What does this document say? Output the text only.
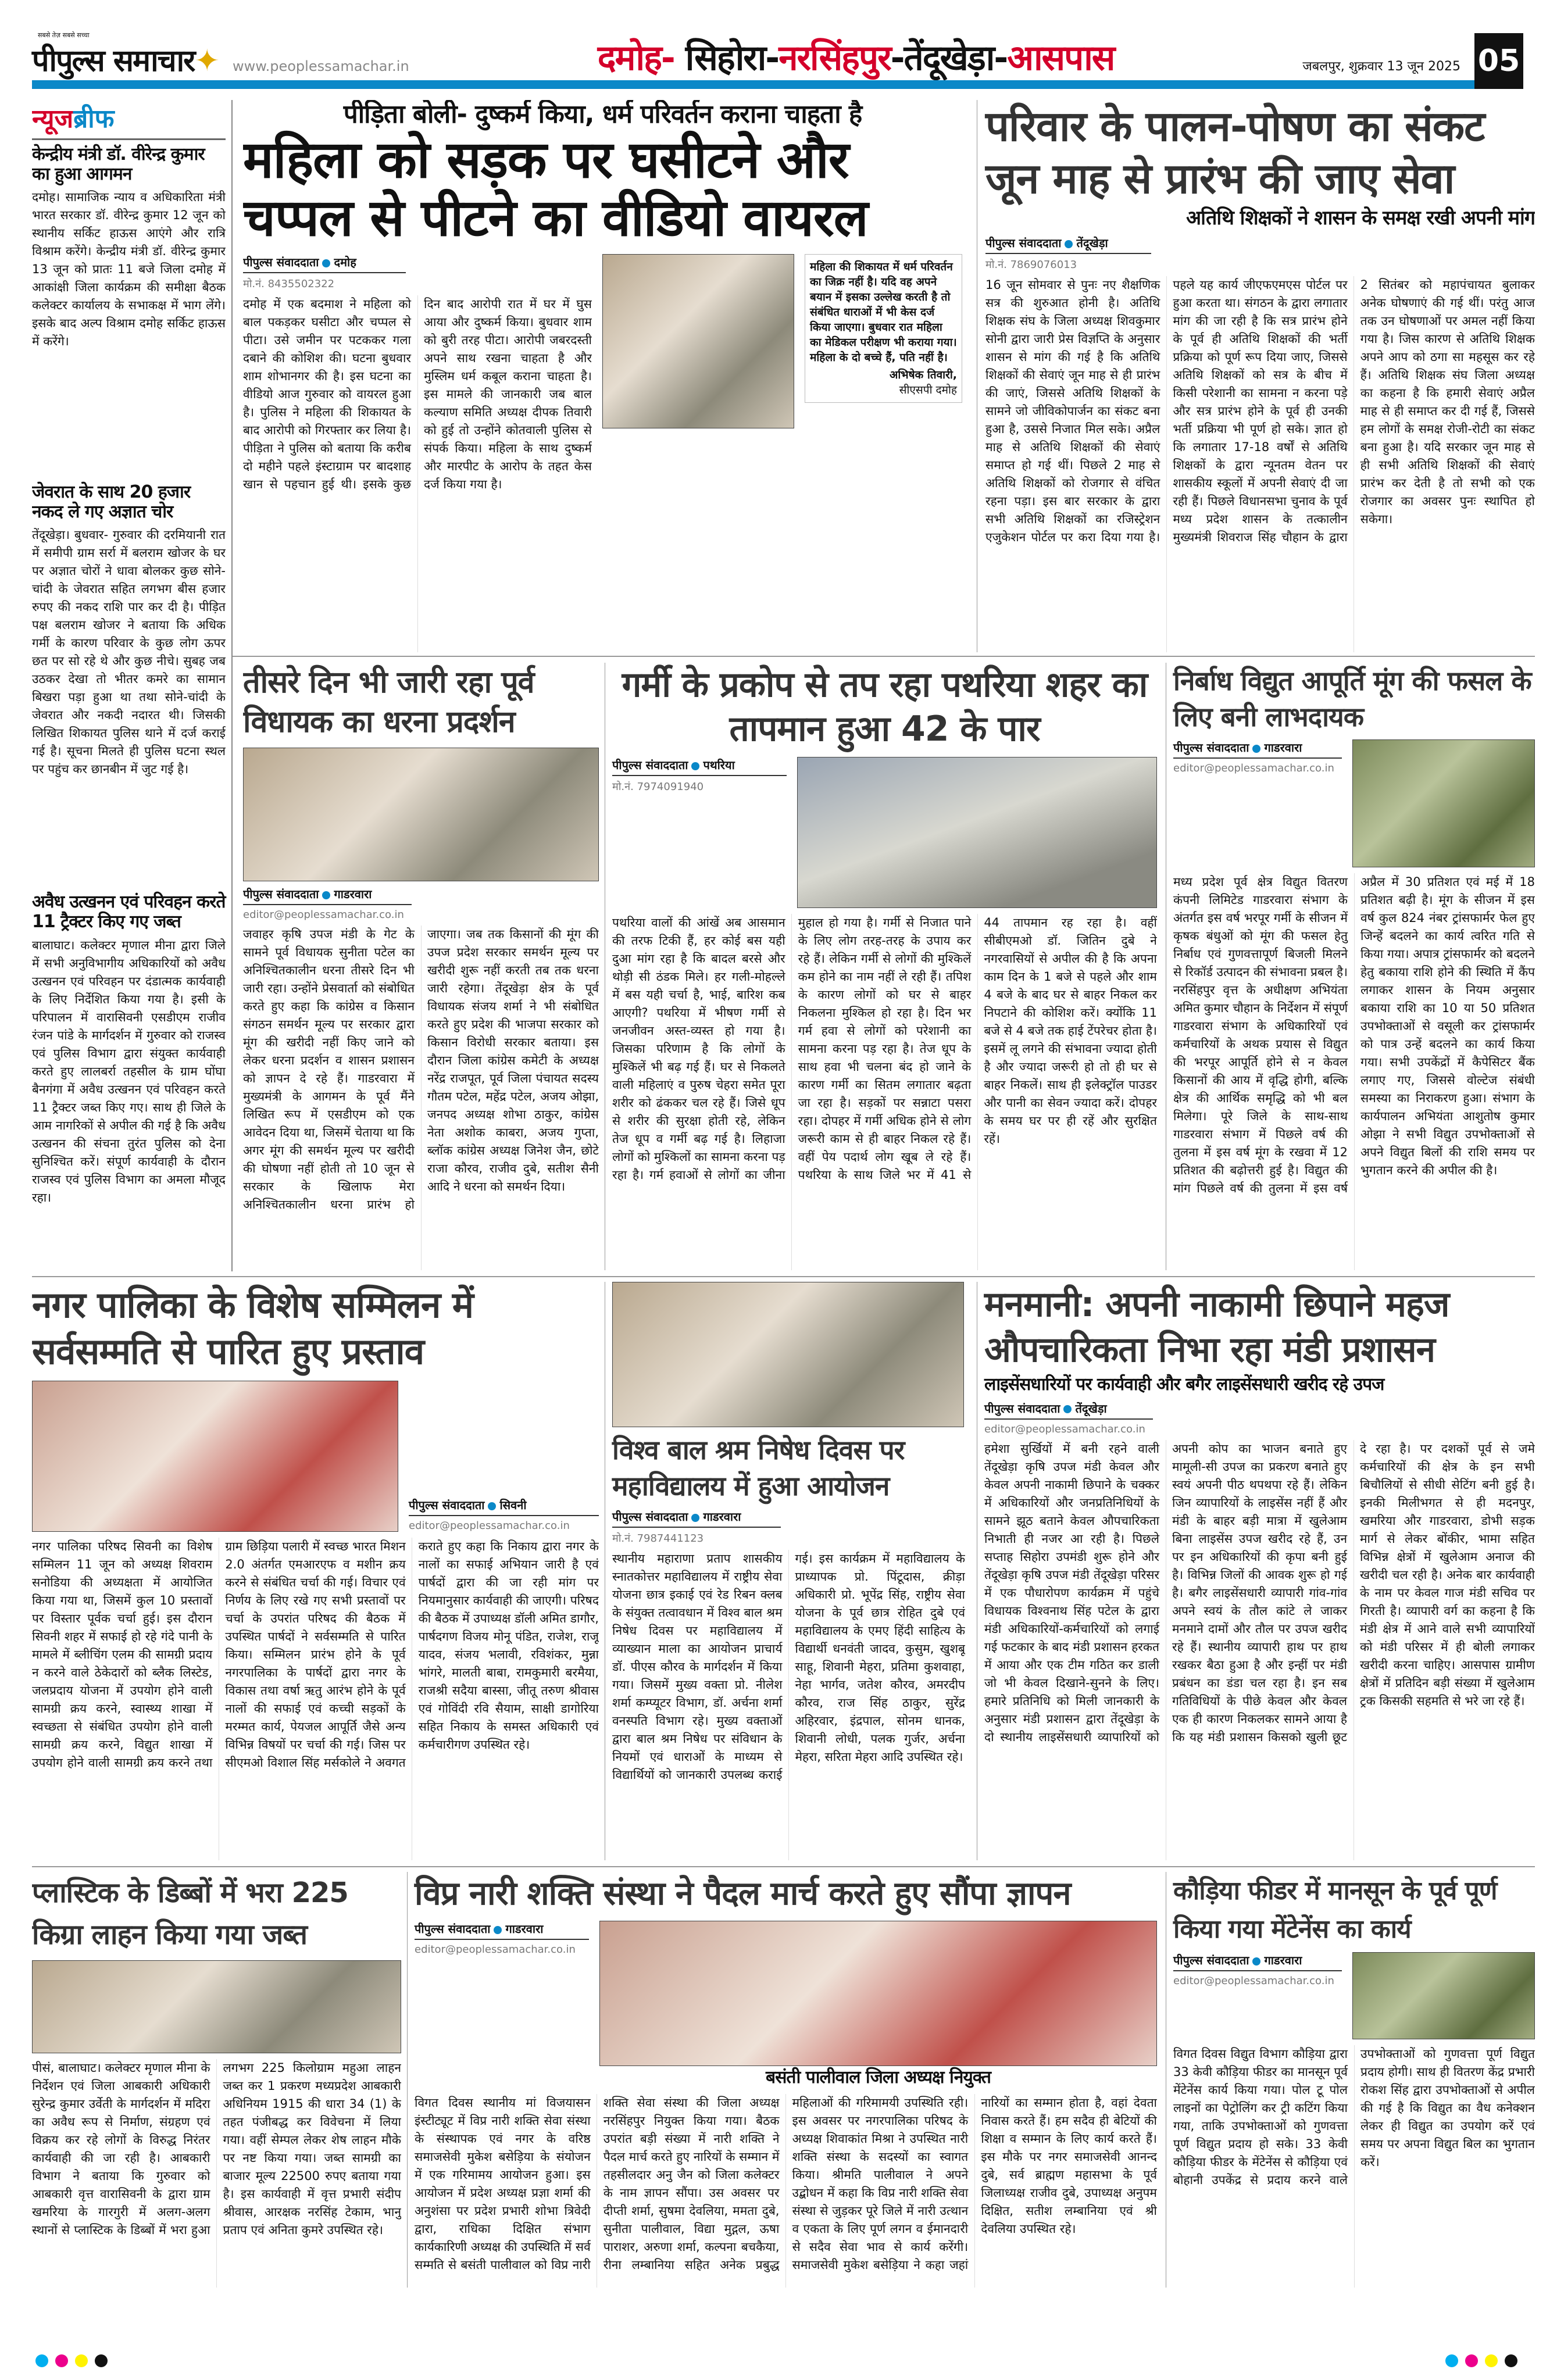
सबसे तेज़ सबसे सच्चा
पीपुल्स समाचार✦ www.peoplessamachar.in	दमोह- सिहोरा-नरसिंहपुर-तेंदूखेड़ा-आसपास	जबलपुर, शुक्रवार 13 जून 2025 05
न्यूजब्रीफ
केन्द्रीय मंत्री डॉ. वीरेन्द्र कुमार का हुआ आगमन
दमोह। सामाजिक न्याय व अधिकारिता मंत्री भारत सरकार डॉ. वीरेन्द्र कुमार 12 जून को स्थानीय सर्किट हाऊस आएंगे और रात्रि विश्राम करेंगे। केन्द्रीय मंत्री डॉ. वीरेन्द्र कुमार 13 जून को प्रातः 11 बजे जिला दमोह में आकांक्षी जिला कार्यक्रम की समीक्षा बैठक कलेक्टर कार्यालय के सभाकक्ष में भाग लेंगे। इसके बाद अल्प विश्राम दमोह सर्किट हाऊस में करेंगे।
जेवरात के साथ 20 हजार नकद ले गए अज्ञात चोर
तेंदूखेड़ा। बुधवार- गुरुवार की दरमियानी रात में समीपी ग्राम सर्रा में बलराम खोजर के घर पर अज्ञात चोरों ने धावा बोलकर कुछ सोने-चांदी के जेवरात सहित लगभग बीस हजार रुपए की नकद राशि पार कर दी है। पीड़ित पक्ष बलराम खोजर ने बताया कि अधिक गर्मी के कारण परिवार के कुछ लोग ऊपर छत पर सो रहे थे और कुछ नीचे। सुबह जब उठकर देखा तो भीतर कमरे का सामान बिखरा पड़ा हुआ था तथा सोने-चांदी के जेवरात और नकदी नदारत थी। जिसकी लिखित शिकायत पुलिस थाने में दर्ज कराई गई है। सूचना मिलते ही पुलिस घटना स्थल पर पहुंच कर छानबीन में जुट गई है।
अवैध उत्खनन एवं परिवहन करते 11 ट्रैक्टर किए गए जब्त
बालाघाट। कलेक्टर मृणाल मीना द्वारा जिले में सभी अनुविभागीय अधिकारियों को अवैध उत्खनन एवं परिवहन पर दंडात्मक कार्यवाही के लिए निर्देशित किया गया है। इसी के परिपालन में वारासिवनी एसडीएम राजीव रंजन पांडे के मार्गदर्शन में गुरुवार को राजस्व एवं पुलिस विभाग द्वारा संयुक्त कार्यवाही करते हुए लालबर्रा तहसील के ग्राम घोंघा बैनगंगा में अवैध उत्खनन एवं परिवहन करते 11 ट्रैक्टर जब्त किए गए। साथ ही जिले के आम नागरिकों से अपील की गई है कि अवैध उत्खनन की संचना तुरंत पुलिस को देना सुनिश्चित करें। संपूर्ण कार्यवाही के दौरान राजस्व एवं पुलिस विभाग का अमला मौजूद रहा।
पीड़िता बोली- दुष्कर्म किया, धर्म परिवर्तन कराना चाहता है
महिला को सड़क पर घसीटने और चप्पल से पीटने का वीडियो वायरल
पीपुल्स संवाददाता दमोह
मो.नं. 8435502322
दमोह में एक बदमाश ने महिला को बाल पकड़कर घसीटा और चप्पल से पीटा। उसे जमीन पर पटककर गला दबाने की कोशिश की। घटना बुधवार शाम शोभानगर की है। इस घटना का वीडियो आज गुरुवार को वायरल हुआ है। पुलिस ने महिला की शिकायत के बाद आरोपी को गिरफ्तार कर लिया है। पीड़िता ने पुलिस को बताया कि करीब दो महीने पहले इंस्टाग्राम पर बादशाह खान से पहचान हुई थी। इसके कुछ दिन बाद आरोपी रात में घर में घुस आया और दुष्कर्म किया। बुधवार शाम को बुरी तरह पीटा। आरोपी जबरदस्ती अपने साथ रखना चाहता है और मुस्लिम धर्म कबूल कराना चाहता है। इस मामले की जानकारी जब बाल कल्याण समिति अध्यक्ष दीपक तिवारी को हुई तो उन्होंने कोतवाली पुलिस से संपर्क किया। महिला के साथ दुष्कर्म और मारपीट के आरोप के तहत केस दर्ज किया गया है।
महिला की शिकायत में धर्म परिवर्तन का जिक्र नहीं है। यदि वह अपने बयान में इसका उल्लेख करती है तो संबंधित धाराओं में भी केस दर्ज किया जाएगा। बुधवार रात महिला का मेडिकल परीक्षण भी कराया गया। महिला के दो बच्चे हैं, पति नहीं है।
अभिषेक तिवारी,
सीएसपी दमोह
परिवार के पालन-पोषण का संकट जून माह से प्रारंभ की जाए सेवा
अतिथि शिक्षकों ने शासन के समक्ष रखी अपनी मांग
पीपुल्स संवाददाता तेंदूखेड़ा
मो.नं. 7869076013
16 जून सोमवार से पुनः नए शैक्षणिक सत्र की शुरुआत होनी है। अतिथि शिक्षक संघ के जिला अध्यक्ष शिवकुमार सोनी द्वारा जारी प्रेस विज्ञप्ति के अनुसार शासन से मांग की गई है कि अतिथि शिक्षकों की सेवाएं जून माह से ही प्रारंभ की जाएं, जिससे अतिथि शिक्षकों के सामने जो जीविकोपार्जन का संकट बना हुआ है, उससे निजात मिल सके। अप्रैल माह से अतिथि शिक्षकों की सेवाएं समाप्त हो गई थीं। पिछले 2 माह से अतिथि शिक्षकों को रोजगार से वंचित रहना पड़ा। इस बार सरकार के द्वारा सभी अतिथि शिक्षकों का रजिस्ट्रेशन एजुकेशन पोर्टल पर करा दिया गया है। पहले यह कार्य जीएफएमएस पोर्टल पर हुआ करता था। संगठन के द्वारा लगातार मांग की जा रही है कि सत्र प्रारंभ होने के पूर्व ही अतिथि शिक्षकों की भर्ती प्रक्रिया को पूर्ण रूप दिया जाए, जिससे अतिथि शिक्षकों को सत्र के बीच में किसी परेशानी का सामना न करना पड़े और सत्र प्रारंभ होने के पूर्व ही उनकी भर्ती प्रक्रिया भी पूर्ण हो सके। ज्ञात हो कि लगातार 17-18 वर्षों से अतिथि शिक्षकों के द्वारा न्यूनतम वेतन पर शासकीय स्कूलों में अपनी सेवाएं दी जा रही हैं। पिछले विधानसभा चुनाव के पूर्व मध्य प्रदेश शासन के तत्कालीन मुख्यमंत्री शिवराज सिंह चौहान के द्वारा 2 सितंबर को महापंचायत बुलाकर अनेक घोषणाएं की गई थीं। परंतु आज तक उन घोषणाओं पर अमल नहीं किया गया है। जिस कारण से अतिथि शिक्षक अपने आप को ठगा सा महसूस कर रहे हैं। अतिथि शिक्षक संघ जिला अध्यक्ष का कहना है कि हमारी सेवाएं अप्रैल माह से ही समाप्त कर दी गई हैं, जिससे हम लोगों के समक्ष रोजी-रोटी का संकट बना हुआ है। यदि सरकार जून माह से ही सभी अतिथि शिक्षकों की सेवाएं प्रारंभ कर देती है तो सभी को एक रोजगार का अवसर पुनः स्थापित हो सकेगा।
तीसरे दिन भी जारी रहा पूर्व विधायक का धरना प्रदर्शन
पीपुल्स संवाददाता गाडरवारा
editor@peoplessamachar.co.in
जवाहर कृषि उपज मंडी के गेट के सामने पूर्व विधायक सुनीता पटेल का अनिश्चितकालीन धरना तीसरे दिन भी जारी रहा। उन्होंने प्रेसवार्ता को संबोधित करते हुए कहा कि कांग्रेस व किसान संगठन समर्थन मूल्य पर सरकार द्वारा मूंग की खरीदी नहीं किए जाने को लेकर धरना प्रदर्शन व शासन प्रशासन को ज्ञापन दे रहे हैं। गाडरवारा में मुख्यमंत्री के आगमन के पूर्व मैंने लिखित रूप में एसडीएम को एक आवेदन दिया था, जिसमें चेताया था कि अगर मूंग की समर्थन मूल्य पर खरीदी की घोषणा नहीं होती तो 10 जून से सरकार के खिलाफ मेरा अनिश्चितकालीन धरना प्रारंभ हो जाएगा। जब तक किसानों की मूंग की उपज प्रदेश सरकार समर्थन मूल्य पर खरीदी शुरू नहीं करती तब तक धरना जारी रहेगा। तेंदूखेड़ा क्षेत्र के पूर्व विधायक संजय शर्मा ने भी संबोधित करते हुए प्रदेश की भाजपा सरकार को किसान विरोधी सरकार बताया। इस दौरान जिला कांग्रेस कमेटी के अध्यक्ष नरेंद्र राजपूत, पूर्व जिला पंचायत सदस्य गौतम पटेल, महेंद्र पटेल, अजय ओझा, जनपद अध्यक्ष शोभा ठाकुर, कांग्रेस नेता अशोक काबरा, अजय गुप्ता, ब्लॉक कांग्रेस अध्यक्ष जिनेश जैन, छोटे राजा कौरव, राजीव दुबे, सतीश सैनी आदि ने धरना को समर्थन दिया।
गर्मी के प्रकोप से तप रहा पथरिया शहर का तापमान हुआ 42 के पार
पीपुल्स संवाददाता पथरिया
मो.नं. 7974091940
पथरिया वालों की आंखें अब आसमान की तरफ टिकी हैं, हर कोई बस यही दुआ मांग रहा है कि बादल बरसे और थोड़ी सी ठंडक मिले। हर गली-मोहल्ले में बस यही चर्चा है, भाई, बारिश कब आएगी? पथरिया में भीषण गर्मी से जनजीवन अस्त-व्यस्त हो गया है। जिसका परिणाम है कि लोगों के मुश्किलें भी बढ़ गई हैं। घर से निकलते वाली महिलाएं व पुरुष चेहरा समेत पूरा शरीर को ढंककर चल रहे हैं। जिसे धूप से शरीर की सुरक्षा होती रहे, लेकिन तेज धूप व गर्मी बढ़ गई है। लिहाजा लोगों को मुश्किलों का सामना करना पड़ रहा है। गर्म हवाओं से लोगों का जीना मुहाल हो गया है। गर्मी से निजात पाने के लिए लोग तरह-तरह के उपाय कर रहे हैं। लेकिन गर्मी से लोगों की मुश्किलें कम होने का नाम नहीं ले रही हैं। तपिश के कारण लोगों को घर से बाहर निकलना मुश्किल हो रहा है। दिन भर गर्म हवा से लोगों को परेशानी का सामना करना पड़ रहा है। तेज धूप के साथ हवा भी चलना बंद हो जाने के कारण गर्मी का सितम लगातार बढ़ता जा रहा है। सड़कों पर सन्नाटा पसरा रहा। दोपहर में गर्मी अधिक होने से लोग जरूरी काम से ही बाहर निकल रहे हैं। वहीं पेय पदार्थ लोग खूब ले रहे हैं। पथरिया के साथ जिले भर में 41 से 44 तापमान रह रहा है। वहीं सीबीएमओ डॉ. जितिन दुबे ने नगरवासियों से अपील की है कि अपना काम दिन के 1 बजे से पहले और शाम 4 बजे के बाद घर से बाहर निकल कर निपटाने की कोशिश करें। क्योंकि 11 बजे से 4 बजे तक हाई टेंपरेचर होता है। इसमें लू लगने की संभावना ज्यादा होती है और ज्यादा जरूरी हो तो ही घर से बाहर निकलें। साथ ही इलेक्ट्रॉल पाउडर और पानी का सेवन ज्यादा करें। दोपहर के समय घर पर ही रहें और सुरक्षित रहें।
निर्बाध विद्युत आपूर्ति मूंग की फसल के लिए बनी लाभदायक
पीपुल्स संवाददाता गाडरवारा
editor@peoplessamachar.co.in
मध्य प्रदेश पूर्व क्षेत्र विद्युत वितरण कंपनी लिमिटेड गाडरवारा संभाग के अंतर्गत इस वर्ष भरपूर गर्मी के सीजन में कृषक बंधुओं को मूंग की फसल हेतु निर्बाध एवं गुणवत्तापूर्ण बिजली मिलने से रिकॉर्ड उत्पादन की संभावना प्रबल है। नरसिंहपुर वृत्त के अधीक्षण अभियंता अमित कुमार चौहान के निर्देशन में संपूर्ण गाडरवारा संभाग के अधिकारियों एवं कर्मचारियों के अथक प्रयास से विद्युत की भरपूर आपूर्ति होने से न केवल किसानों की आय में वृद्धि होगी, बल्कि क्षेत्र की आर्थिक समृद्धि को भी बल मिलेगा। पूरे जिले के साथ-साथ गाडरवारा संभाग में पिछले वर्ष की तुलना में इस वर्ष मूंग के रखवा में 12 प्रतिशत की बढ़ोत्तरी हुई है। विद्युत की मांग पिछले वर्ष की तुलना में इस वर्ष अप्रैल में 30 प्रतिशत एवं मई में 18 प्रतिशत बढ़ी है। मूंग के सीजन में इस वर्ष कुल 824 नंबर ट्रांसफार्मर फेल हुए जिन्हें बदलने का कार्य त्वरित गति से किया गया। अपात्र ट्रांसफार्मर को बदलने हेतु बकाया राशि होने की स्थिति में कैंप लगाकर शासन के नियम अनुसार बकाया राशि का 10 या 50 प्रतिशत उपभोक्ताओं से वसूली कर ट्रांसफार्मर को पात्र उन्हें बदलने का कार्य किया गया। सभी उपकेंद्रों में कैपेसिटर बैंक लगाए गए, जिससे वोल्टेज संबंधी समस्या का निराकरण हुआ। संभाग के कार्यपालन अभियंता आशुतोष कुमार ओझा ने सभी विद्युत उपभोक्ताओं से अपने विद्युत बिलों की राशि समय पर भुगतान करने की अपील की है।
नगर पालिका के विशेष सम्मिलन में सर्वसम्मति से पारित हुए प्रस्ताव
पीपुल्स संवाददाता सिवनी
editor@peoplessamachar.co.in
नगर पालिका परिषद सिवनी का विशेष सम्मिलन 11 जून को अध्यक्ष शिवराम सनोडिया की अध्यक्षता में आयोजित किया गया था, जिसमें कुल 10 प्रस्तावों पर विस्तार पूर्वक चर्चा हुई। इस दौरान सिवनी शहर में सफाई हो रहे गंदे पानी के मामले में ब्लीचिंग एलम की सामग्री प्रदाय न करने वाले ठेकेदारों को ब्लैक लिस्टेड, जलप्रदाय योजना में उपयोग होने वाली सामग्री क्रय करने, स्वास्थ्य शाखा में स्वच्छता से संबंधित उपयोग होने वाली सामग्री क्रय करने, विद्युत शाखा में उपयोग होने वाली सामग्री क्रय करने तथा ग्राम छिड़िया पलारी में स्वच्छ भारत मिशन 2.0 अंतर्गत एमआरएफ व मशीन क्रय करने से संबंधित चर्चा की गई। विचार एवं निर्णय के लिए रखे गए सभी प्रस्तावों पर चर्चा के उपरांत परिषद की बैठक में उपस्थित पार्षदों ने सर्वसम्मति से पारित किया। सम्मिलन प्रारंभ होने के पूर्व नगरपालिका के पार्षदों द्वारा नगर के विकास तथा वर्षा ऋतु आरंभ होने के पूर्व नालों की सफाई एवं कच्ची सड़कों के मरम्मत कार्य, पेयजल आपूर्ति जैसे अन्य विभिन्न विषयों पर चर्चा की गई। जिस पर सीएमओ विशाल सिंह मर्सकोले ने अवगत कराते हुए कहा कि निकाय द्वारा नगर के नालों का सफाई अभियान जारी है एवं पार्षदों द्वारा की जा रही मांग पर नियमानुसार कार्यवाही की जाएगी। परिषद की बैठक में उपाध्यक्ष डॉली अमित डागौर, पार्षदगण विजय मोनू पंडित, राजेश, राजू यादव, संजय भलावी, रविशंकर, मुन्ना भांगरे, मालती बाबा, रामकुमारी बरमैया, राजश्री सदैया बास्सा, जीतू तरुण श्रीवास एवं गोविंदी रवि सैयाम, साक्षी डागोरिया सहित निकाय के समस्त अधिकारी एवं कर्मचारीगण उपस्थित रहे।
विश्व बाल श्रम निषेध दिवस पर महाविद्यालय में हुआ आयोजन
पीपुल्स संवाददाता गाडरवारा
मो.नं. 7987441123
स्थानीय महाराणा प्रताप शासकीय स्नातकोत्तर महाविद्यालय में राष्ट्रीय सेवा योजना छात्र इकाई एवं रेड रिबन क्लब के संयुक्त तत्वावधान में विश्व बाल श्रम निषेध दिवस पर महाविद्यालय में व्याख्यान माला का आयोजन प्राचार्य डॉ. पीएस कौरव के मार्गदर्शन में किया गया। जिसमें मुख्य वक्ता प्रो. नीलेश शर्मा कम्प्यूटर विभाग, डॉ. अर्चना शर्मा वनस्पति विभाग रहे। मुख्य वक्ताओं द्वारा बाल श्रम निषेध पर संविधान के नियमों एवं धाराओं के माध्यम से विद्यार्थियों को जानकारी उपलब्ध कराई गई। इस कार्यक्रम में महाविद्यालय के प्राध्यापक प्रो. पिंटूदास, क्रीड़ा अधिकारी प्रो. भूपेंद्र सिंह, राष्ट्रीय सेवा योजना के पूर्व छात्र रोहित दुबे एवं महाविद्यालय के एमए हिंदी साहित्य के विद्यार्थी धनवंती जादव, कुसुम, खुशबू साहू, शिवानी मेहरा, प्रतिमा कुशवाहा, नेहा भार्गव, जतेश कौरव, अमरदीप कौरव, राज सिंह ठाकुर, सुरेंद्र अहिरवार, इंद्रपाल, सोनम धानक, शिवानी लोधी, पलक गुर्जर, अर्चना मेहरा, सरिता मेहरा आदि उपस्थित रहे।
मनमानी: अपनी नाकामी छिपाने महज औपचारिकता निभा रहा मंडी प्रशासन
लाइसेंसधारियों पर कार्यवाही और बगैर लाइसेंसधारी खरीद रहे उपज
पीपुल्स संवाददाता तेंदूखेड़ा
editor@peoplessamachar.co.in
हमेशा सुर्खियों में बनी रहने वाली तेंदूखेड़ा कृषि उपज मंडी केवल और केवल अपनी नाकामी छिपाने के चक्कर में अधिकारियों और जनप्रतिनिधियों के सामने झूठ बताने केवल औपचारिकता निभाती ही नजर आ रही है। पिछले सप्ताह सिहोरा उपमंडी शुरू होने और तेंदूखेड़ा कृषि उपज मंडी तेंदूखेड़ा परिसर में एक पौधारोपण कार्यक्रम में पहुंचे विधायक विश्वनाथ सिंह पटेल के द्वारा मंडी अधिकारियों-कर्मचारियों को लगाई गई फटकार के बाद मंडी प्रशासन हरकत में आया और एक टीम गठित कर डाली जो भी केवल दिखाने-सुनने के लिए। हमारे प्रतिनिधि को मिली जानकारी के अनुसार मंडी प्रशासन द्वारा तेंदूखेड़ा के दो स्थानीय लाइसेंसधारी व्यापारियों को अपनी कोप का भाजन बनाते हुए मामूली-सी उपज का प्रकरण बनाते हुए स्वयं अपनी पीठ थपथपा रहे हैं। लेकिन जिन व्यापारियों के लाइसेंस नहीं हैं और मंडी के बाहर बड़ी मात्रा में खुलेआम बिना लाइसेंस उपज खरीद रहे हैं, उन पर इन अधिकारियों की कृपा बनी हुई है। विभिन्न जिलों की आवक शुरू हो गई है। बगैर लाइसेंसधारी व्यापारी गांव-गांव अपने स्वयं के तौल कांटे ले जाकर मनमाने दामों और तौल पर उपज खरीद रहे हैं। स्थानीय व्यापारी हाथ पर हाथ रखकर बैठा हुआ है और इन्हीं पर मंडी प्रबंधन का डंडा चल रहा है। इन सब गतिविधियों के पीछे केवल और केवल एक ही कारण निकलकर सामने आया है कि यह मंडी प्रशासन किसको खुली छूट दे रहा है। पर दशकों पूर्व से जमे कर्मचारियों की क्षेत्र के इन सभी बिचौलियों से सीधी सेटिंग बनी हुई है। इनकी मिलीभगत से ही मदनपुर, खमरिया और गाडरवारा, डोभी सड़क मार्ग से लेकर बोंकीर, भामा सहित विभिन्न क्षेत्रों में खुलेआम अनाज की खरीदी चल रही है। अनेक बार कार्यवाही के नाम पर केवल गाज मंडी सचिव पर गिरती है। व्यापारी वर्ग का कहना है कि मंडी क्षेत्र में आने वाले सभी व्यापारियों को मंडी परिसर में ही बोली लगाकर खरीदी करना चाहिए। आसपास ग्रामीण क्षेत्रों में प्रतिदिन बड़ी संख्या में खुलेआम ट्रक किसकी सहमति से भरे जा रहे हैं।
प्लास्टिक के डिब्बों में भरा 225 किग्रा लाहन किया गया जब्त
पीसं, बालाघाट। कलेक्टर मृणाल मीना के निर्देशन एवं जिला आबकारी अधिकारी सुरेन्द्र कुमार उर्वेती के मार्गदर्शन में मदिरा का अवैध रूप से निर्माण, संग्रहण एवं विक्रय कर रहे लोगों के विरुद्ध निरंतर कार्यवाही की जा रही है। आबकारी विभाग ने बताया कि गुरुवार को आबकारी वृत्त वारासिवनी के द्वारा ग्राम खमरिया के गारगुरी में अलग-अलग स्थानों से प्लास्टिक के डिब्बों में भरा हुआ लगभग 225 किलोग्राम महुआ लाहन जब्त कर 1 प्रकरण मध्यप्रदेश आबकारी अधिनियम 1915 की धारा 34 (1) के तहत पंजीबद्ध कर विवेचना में लिया गया। वहीं सेम्पल लेकर शेष लाहन मौके पर नष्ट किया गया। जब्त सामग्री का बाजार मूल्य 22500 रुपए बताया गया है। इस कार्यवाही में वृत्त प्रभारी संदीप श्रीवास, आरक्षक नरसिंह टेकाम, भानु प्रताप एवं अनिता कुमरे उपस्थित रहे।
विप्र नारी शक्ति संस्था ने पैदल मार्च करते हुए सौंपा ज्ञापन
पीपुल्स संवाददाता गाडरवारा
editor@peoplessamachar.co.in
बसंती पालीवाल जिला अध्यक्ष नियुक्त
विगत दिवस स्थानीय मां विजयासन इंस्टीट्यूट में विप्र नारी शक्ति सेवा संस्था के संस्थापक एवं नगर के वरिष्ठ समाजसेवी मुकेश बसेड़िया के संयोजन में एक गरिमामय आयोजन हुआ। इस आयोजन में प्रदेश अध्यक्ष प्रज्ञा शर्मा की अनुशंसा पर प्रदेश प्रभारी शोभा त्रिवेदी द्वारा, राधिका दिक्षित संभाग कार्यकारिणी अध्यक्ष की उपस्थिति में सर्व सम्मति से बसंती पालीवाल को विप्र नारी शक्ति सेवा संस्था की जिला अध्यक्ष नरसिंहपुर नियुक्त किया गया। बैठक उपरांत बड़ी संख्या में नारी शक्ति ने पैदल मार्च करते हुए नारियों के सम्मान में तहसीलदार अनु जैन को जिला कलेक्टर के नाम ज्ञापन सौंपा। उस अवसर पर दीप्ती शर्मा, सुषमा देवलिया, ममता दुबे, सुनीता पालीवाल, विद्या मुद्गल, ऊषा पाराशर, अरुणा शर्मा, कल्पना बचकैया, रीना लम्बानिया सहित अनेक प्रबुद्ध महिलाओं की गरिमामयी उपस्थिति रही। इस अवसर पर नगरपालिका परिषद के अध्यक्ष शिवाकांत मिश्रा ने उपस्थित नारी शक्ति संस्था के सदस्यों का स्वागत किया। श्रीमति पालीवाल ने अपने उद्बोधन में कहा कि विप्र नारी शक्ति सेवा संस्था से जुड़कर पूरे जिले में नारी उत्थान व एकता के लिए पूर्ण लगन व ईमानदारी से सदैव सेवा भाव से कार्य करेंगी। समाजसेवी मुकेश बसेड़िया ने कहा जहां नारियों का सम्मान होता है, वहां देवता निवास करते हैं। हम सदैव ही बेटियों की शिक्षा व सम्मान के लिए कार्य करते हैं। इस मौके पर नगर समाजसेवी आनन्द दुबे, सर्व ब्राह्मण महासभा के पूर्व जिलाध्यक्ष राजीव दुबे, उपाध्यक्ष अनुपम दिक्षित, सतीश लम्बानिया एवं श्री देवलिया उपस्थित रहे।
कौड़िया फीडर में मानसून के पूर्व पूर्ण किया गया मेंटेनेंस का कार्य
पीपुल्स संवाददाता गाडरवारा
editor@peoplessamachar.co.in
विगत दिवस विद्युत विभाग कौड़िया द्वारा 33 केवी कौड़िया फीडर का मानसून पूर्व मेंटेनेंस कार्य किया गया। पोल टू पोल लाइनों का पेट्रोलिंग कर ट्री कटिंग किया गया, ताकि उपभोक्ताओं को गुणवत्ता पूर्ण विद्युत प्रदाय हो सके। 33 केवी कौड़िया फीडर के मेंटेनेंस से कौड़िया एवं बोहानी उपकेंद्र से प्रदाय करने वाले उपभोक्ताओं को गुणवत्ता पूर्ण विद्युत प्रदाय होगी। साथ ही वितरण केंद्र प्रभारी रोकश सिंह द्वारा उपभोक्ताओं से अपील की गई है कि विद्युत का वैध कनेक्शन लेकर ही विद्युत का उपयोग करें एवं समय पर अपना विद्युत बिल का भुगतान करें।
